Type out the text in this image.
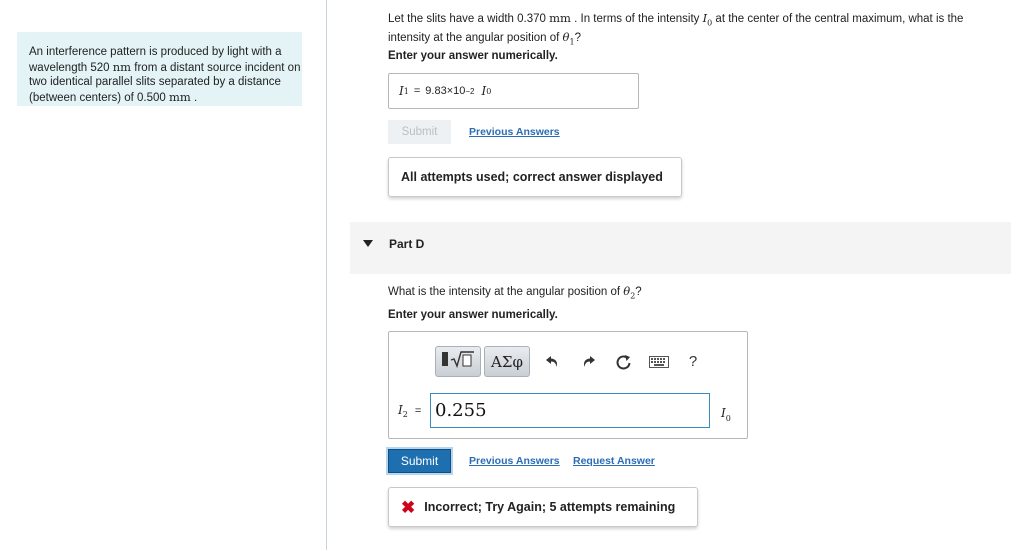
An interference pattern is produced by light with a wavelength 520 nm from a distant source incident on two identical parallel slits separated by a distance (between centers) of 0.500 mm .
Let the slits have a width 0.370 mm . In terms of the intensity $I_0$ at the center of the central maximum, what is the intensity at the angular position of $\theta_1$?
Enter your answer numerically.
I 1 = 9.83×10 −2 I 0
Submit	Previous Answers
All attempts used; correct answer displayed
Part D
What is the intensity at the angular position of $\theta_2$?
Enter your answer numerically.
ΑΣφ	?
$I_2 = 0.255$	$I_0$
Submit	Previous Answers Request Answer
✖ Incorrect; Try Again; 5 attempts remaining
